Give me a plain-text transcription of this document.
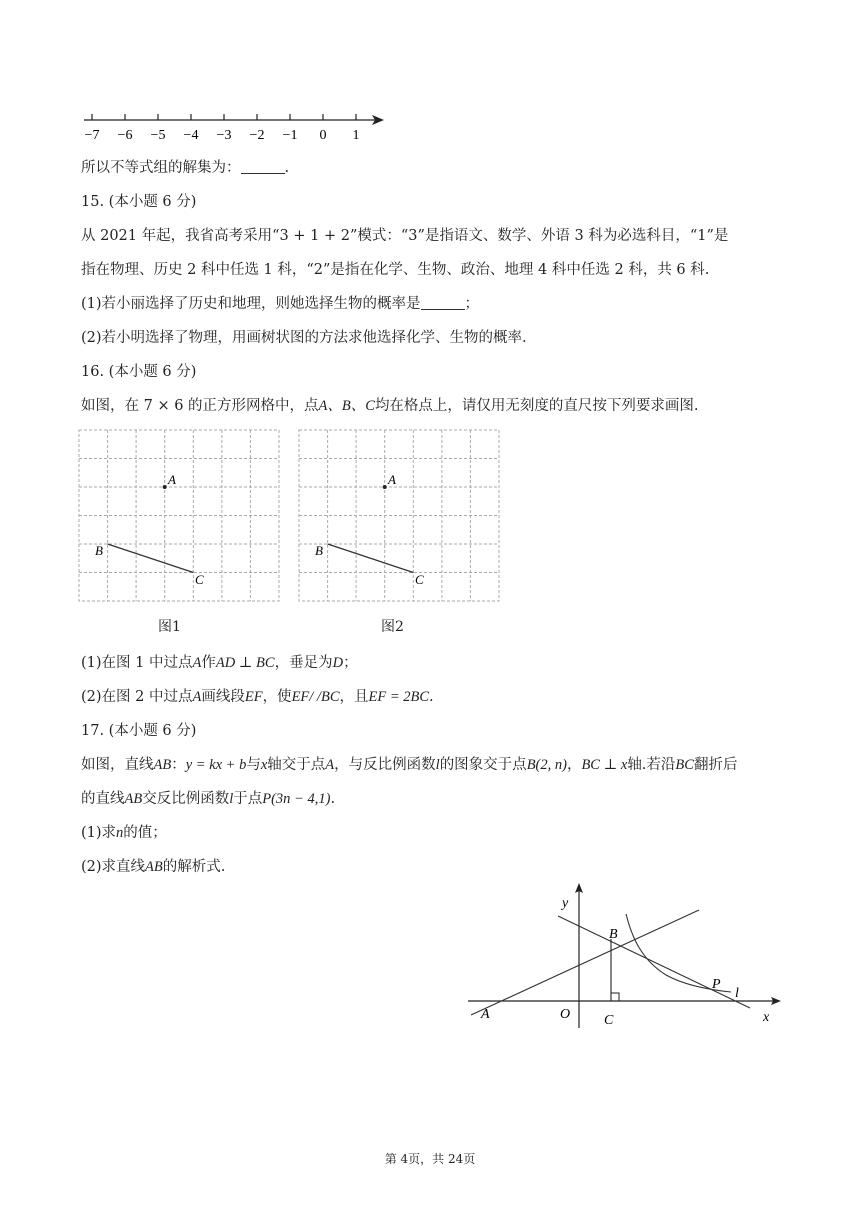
−7 −6 −5 −4 −3 −2 −1 0 1
所以不等式组的解集为：	.
15. (本小题 6 分)
从 2021 年起，我省高考采用“3 + 1 + 2”模式：“3”是指语文、数学、外语 3 科为必选科目，“1”是
指在物理、历史 2 科中任选 1 科，“2”是指在化学、生物、政治、地理 4 科中任选 2 科，共 6 科.
(1)若小丽选择了历史和地理，则她选择生物的概率是	；
(2)若小明选择了物理，用画树状图的方法求他选择化学、生物的概率.
16. (本小题 6 分)
如图，在 7 × 6 的正方形网格中，点A、B、C均在格点上，请仅用无刻度的直尺按下列要求画图.
A
B
C
图1
A
B
C
图2
(1)在图 1 中过点A作AD ⊥ BC，垂足为D；
(2)在图 2 中过点A画线段EF，使EF/ /BC，且EF = 2BC.
17. (本小题 6 分)
如图，直线AB：y = kx + b与x轴交于点A，与反比例函数l的图象交于点B(2, n)，BC ⊥ x轴.若沿BC翻折后
的直线AB交反比例函数l于点P(3n − 4,1).
(1)求n的值；
(2)求直线AB的解析式.
y
x
O
A
B
C
P
l
第 4页，共 24页
